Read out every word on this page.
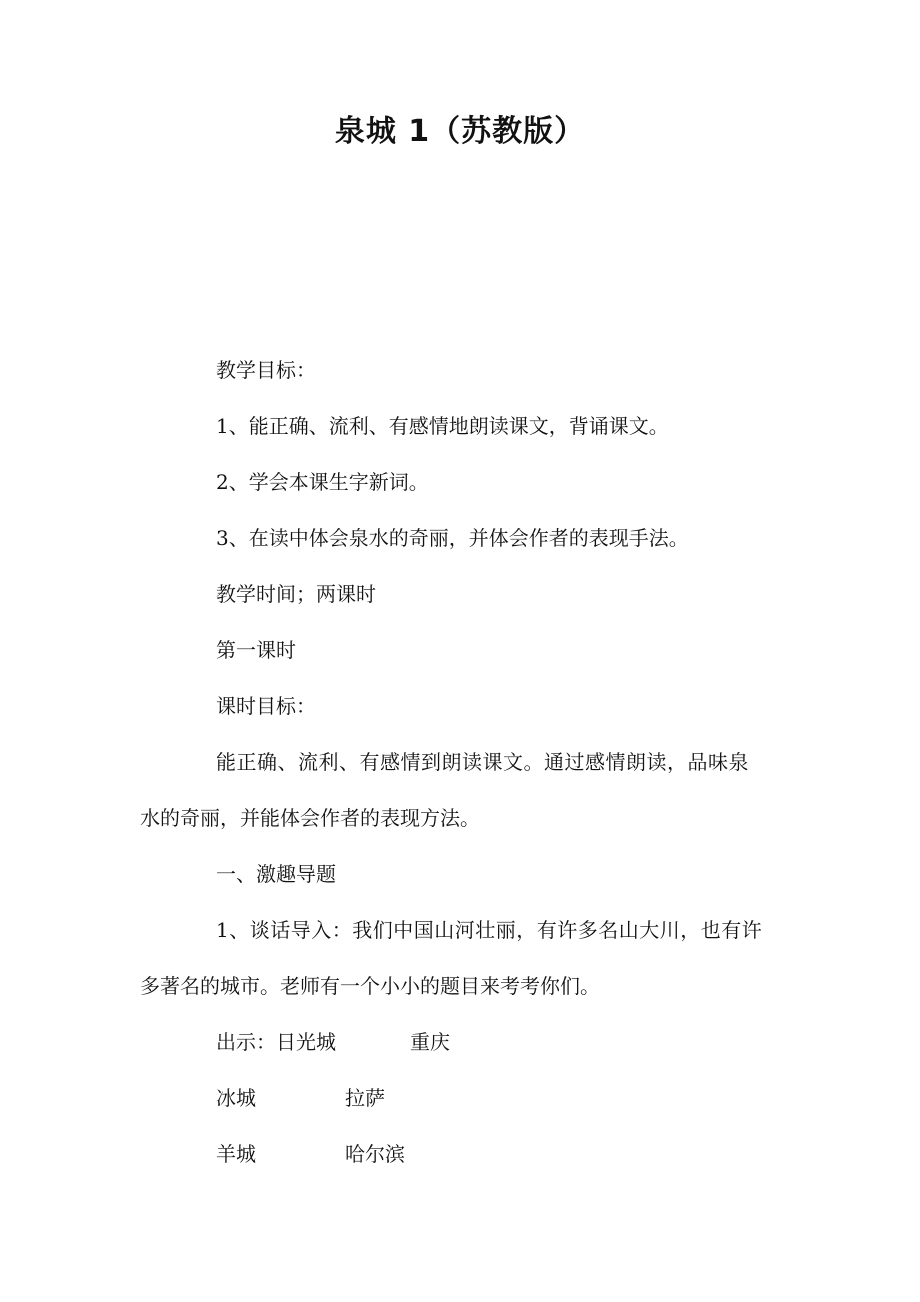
泉城 1（苏教版）
教学目标：
1、能正确、流利、有感情地朗读课文，背诵课文。
2、学会本课生字新词。
3、在读中体会泉水的奇丽，并体会作者的表现手法。
教学时间；两课时
第一课时
课时目标：
能正确、流利、有感情到朗读课文。通过感情朗读，品味泉
水的奇丽，并能体会作者的表现方法。
一、激趣导题
1、谈话导入：我们中国山河壮丽，有许多名山大川，也有许
多著名的城市。老师有一个小小的题目来考考你们。
出示：日光城	重庆
冰城	拉萨
羊城	哈尔滨
